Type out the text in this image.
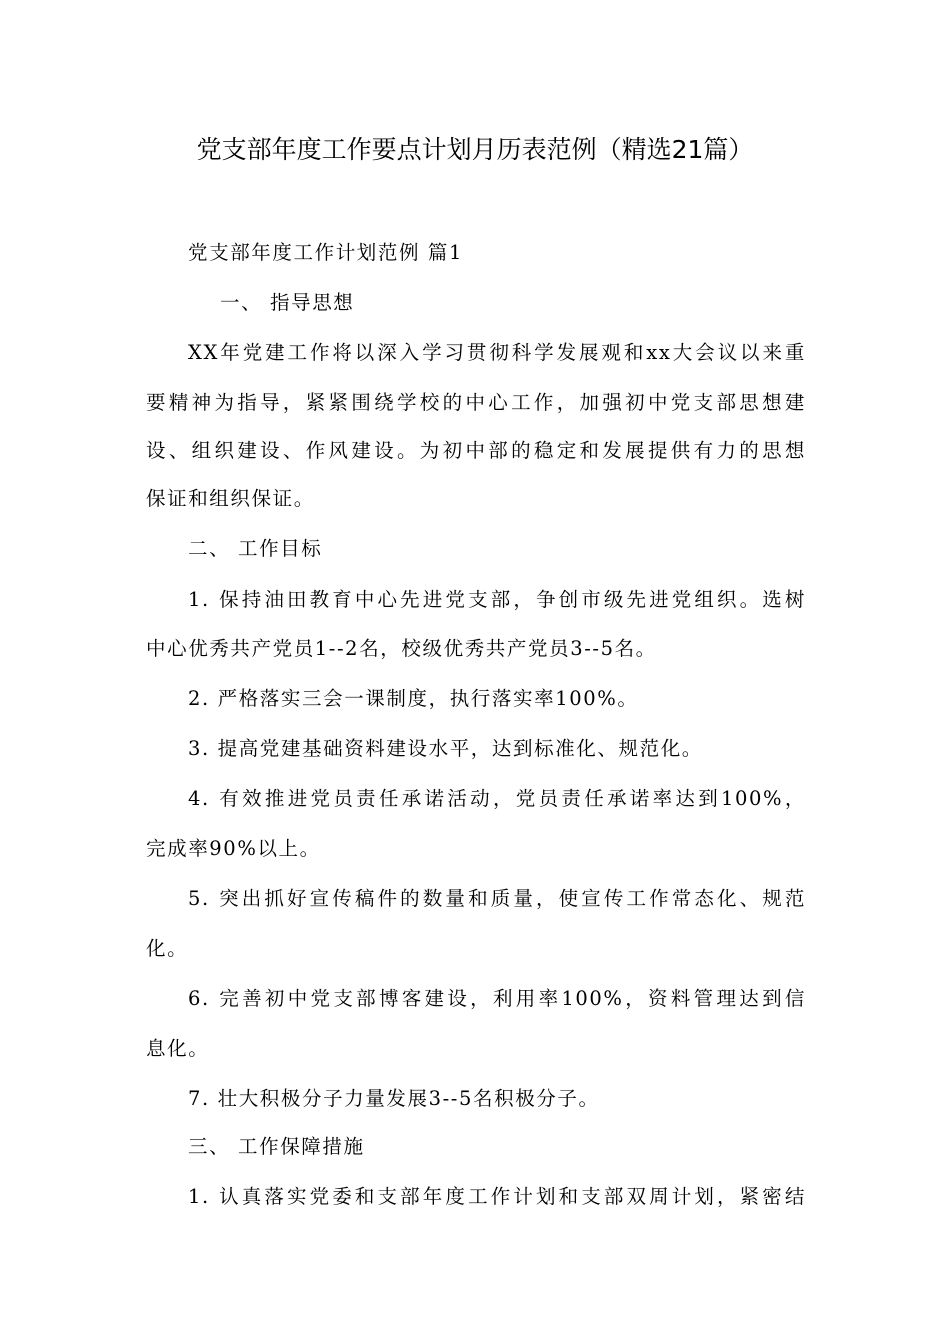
党支部年度工作要点计划月历表范例（精选21篇）
党支部年度工作计划范例 篇1
一、 指导思想
XX年党建工作将以深入学习贯彻科学发展观和xx大会议以来重
要精神为指导，紧紧围绕学校的中心工作，加强初中党支部思想建
设、组织建设、作风建设。为初中部的稳定和发展提供有力的思想
保证和组织保证。
二、 工作目标
1. 保持油田教育中心先进党支部，争创市级先进党组织。选树
中心优秀共产党员1--2名，校级优秀共产党员3--5名。
2. 严格落实三会一课制度，执行落实率100%。
3. 提高党建基础资料建设水平，达到标准化、规范化。
4. 有效推进党员责任承诺活动，党员责任承诺率达到100%，
完成率90%以上。
5. 突出抓好宣传稿件的数量和质量，使宣传工作常态化、规范
化。
6. 完善初中党支部博客建设，利用率100%，资料管理达到信
息化。
7. 壮大积极分子力量发展3--5名积极分子。
三、 工作保障措施
1. 认真落实党委和支部年度工作计划和支部双周计划，紧密结
